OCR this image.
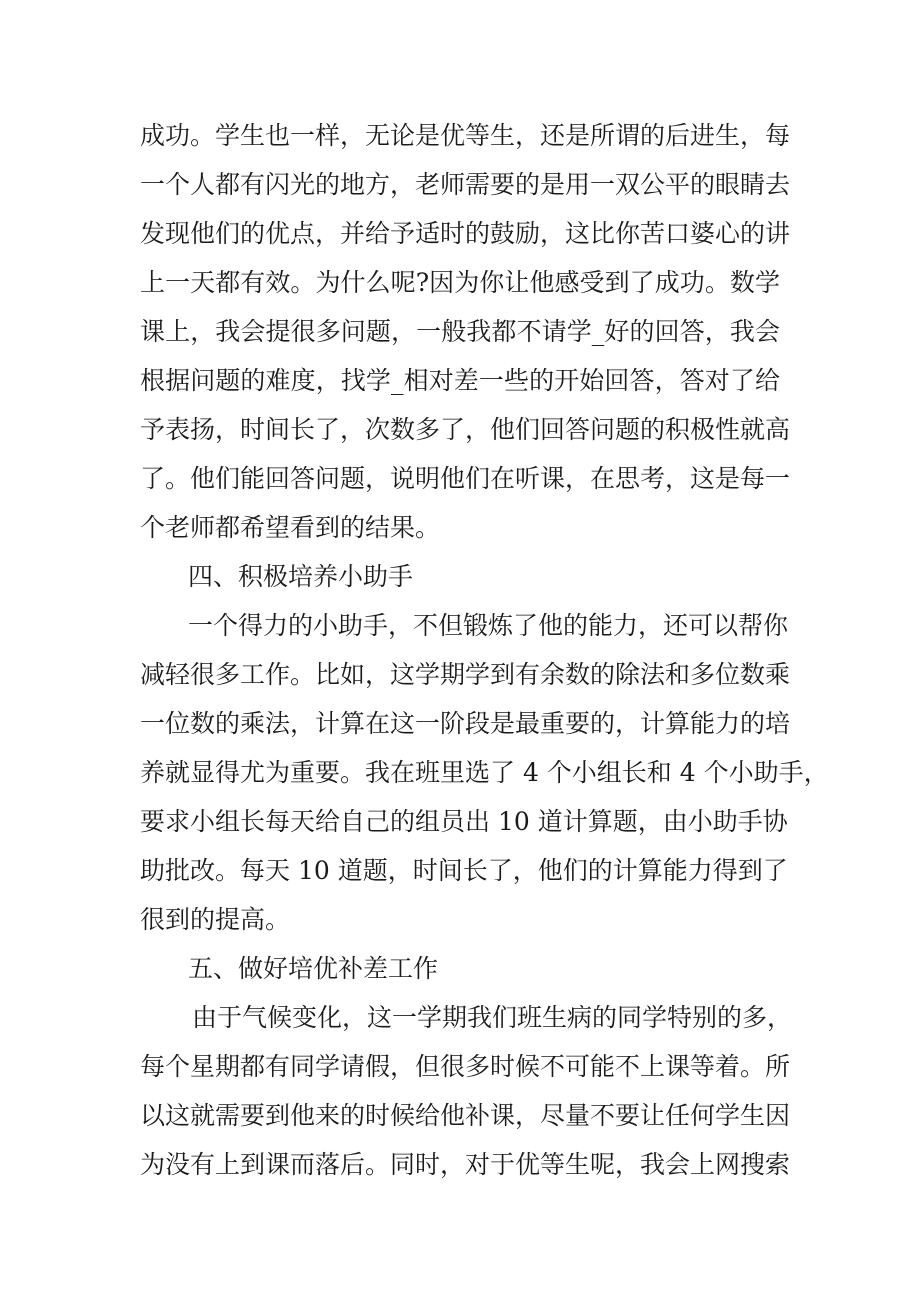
成功。学生也一样，无论是优等生，还是所谓的后进生，每
一个人都有闪光的地方，老师需要的是用一双公平的眼睛去
发现他们的优点，并给予适时的鼓励，这比你苦口婆心的讲
上一天都有效。为什么呢?因为你让他感受到了成功。数学
课上，我会提很多问题，一般我都不请学_好的回答，我会
根据问题的难度，找学_相对差一些的开始回答，答对了给
予表扬，时间长了，次数多了，他们回答问题的积极性就高
了。他们能回答问题，说明他们在听课，在思考，这是每一
个老师都希望看到的结果。
四、积极培养小助手
一个得力的小助手，不但锻炼了他的能力，还可以帮你
减轻很多工作。比如，这学期学到有余数的除法和多位数乘
一位数的乘法，计算在这一阶段是最重要的，计算能力的培
养就显得尤为重要。我在班里选了 4 个小组长和 4 个小助手，
要求小组长每天给自己的组员出 10 道计算题，由小助手协
助批改。每天 10 道题，时间长了，他们的计算能力得到了
很到的提高。
五、做好培优补差工作
由于气候变化，这一学期我们班生病的同学特别的多，
每个星期都有同学请假，但很多时候不可能不上课等着。所
以这就需要到他来的时候给他补课，尽量不要让任何学生因
为没有上到课而落后。同时，对于优等生呢，我会上网搜索
